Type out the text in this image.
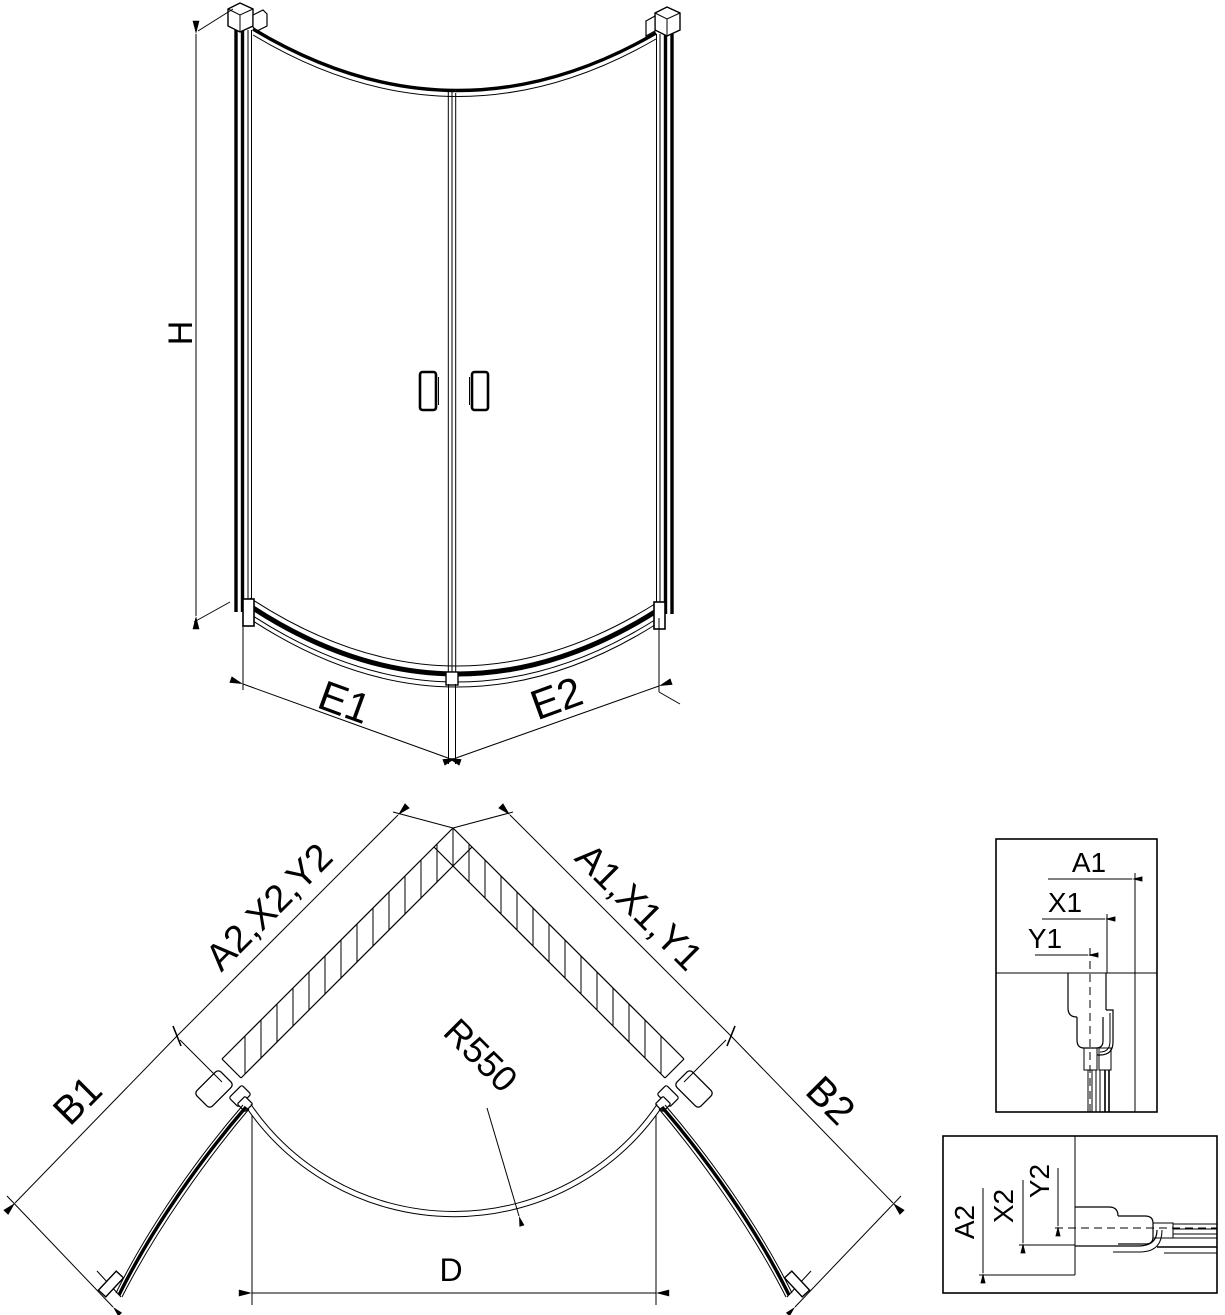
H
E1	E2
A2,X2,Y2	A1,X1,Y1
B1	B2
R550
D
A1
X1
Y1
A2 X2
Y2
